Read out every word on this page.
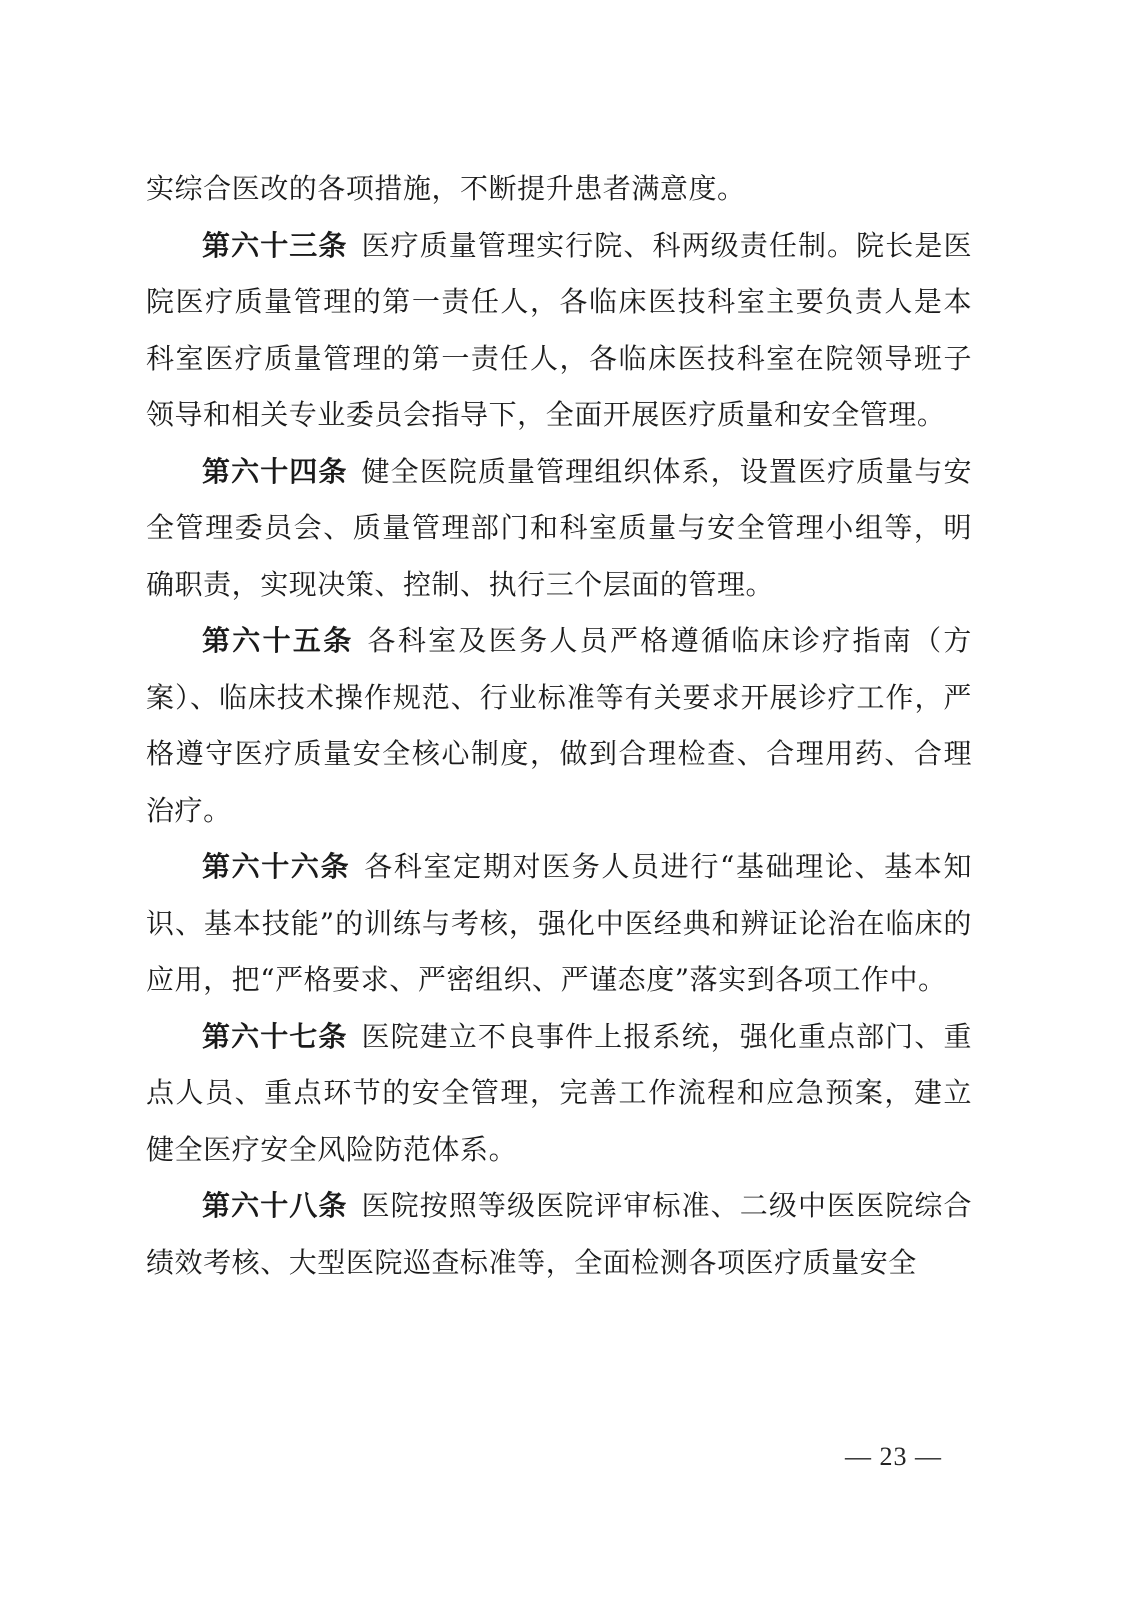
实综合医改的各项措施，不断提升患者满意度。

第六十三条 医疗质量管理实行院、科两级责任制。院长是医院医疗质量管理的第一责任人，各临床医技科室主要负责人是本科室医疗质量管理的第一责任人，各临床医技科室在院领导班子领导和相关专业委员会指导下，全面开展医疗质量和安全管理。

第六十四条 健全医院质量管理组织体系，设置医疗质量与安全管理委员会、质量管理部门和科室质量与安全管理小组等，明确职责，实现决策、控制、执行三个层面的管理。

第六十五条 各科室及医务人员严格遵循临床诊疗指南（方案）、临床技术操作规范、行业标准等有关要求开展诊疗工作，严格遵守医疗质量安全核心制度，做到合理检查、合理用药、合理治疗。

第六十六条 各科室定期对医务人员进行“基础理论、基本知识、基本技能”的训练与考核，强化中医经典和辨证论治在临床的应用，把“严格要求、严密组织、严谨态度”落实到各项工作中。

第六十七条 医院建立不良事件上报系统，强化重点部门、重点人员、重点环节的安全管理，完善工作流程和应急预案，建立健全医疗安全风险防范体系。

第六十八条 医院按照等级医院评审标准、二级中医医院综合绩效考核、大型医院巡查标准等，全面检测各项医疗质量安全

— 23 —
